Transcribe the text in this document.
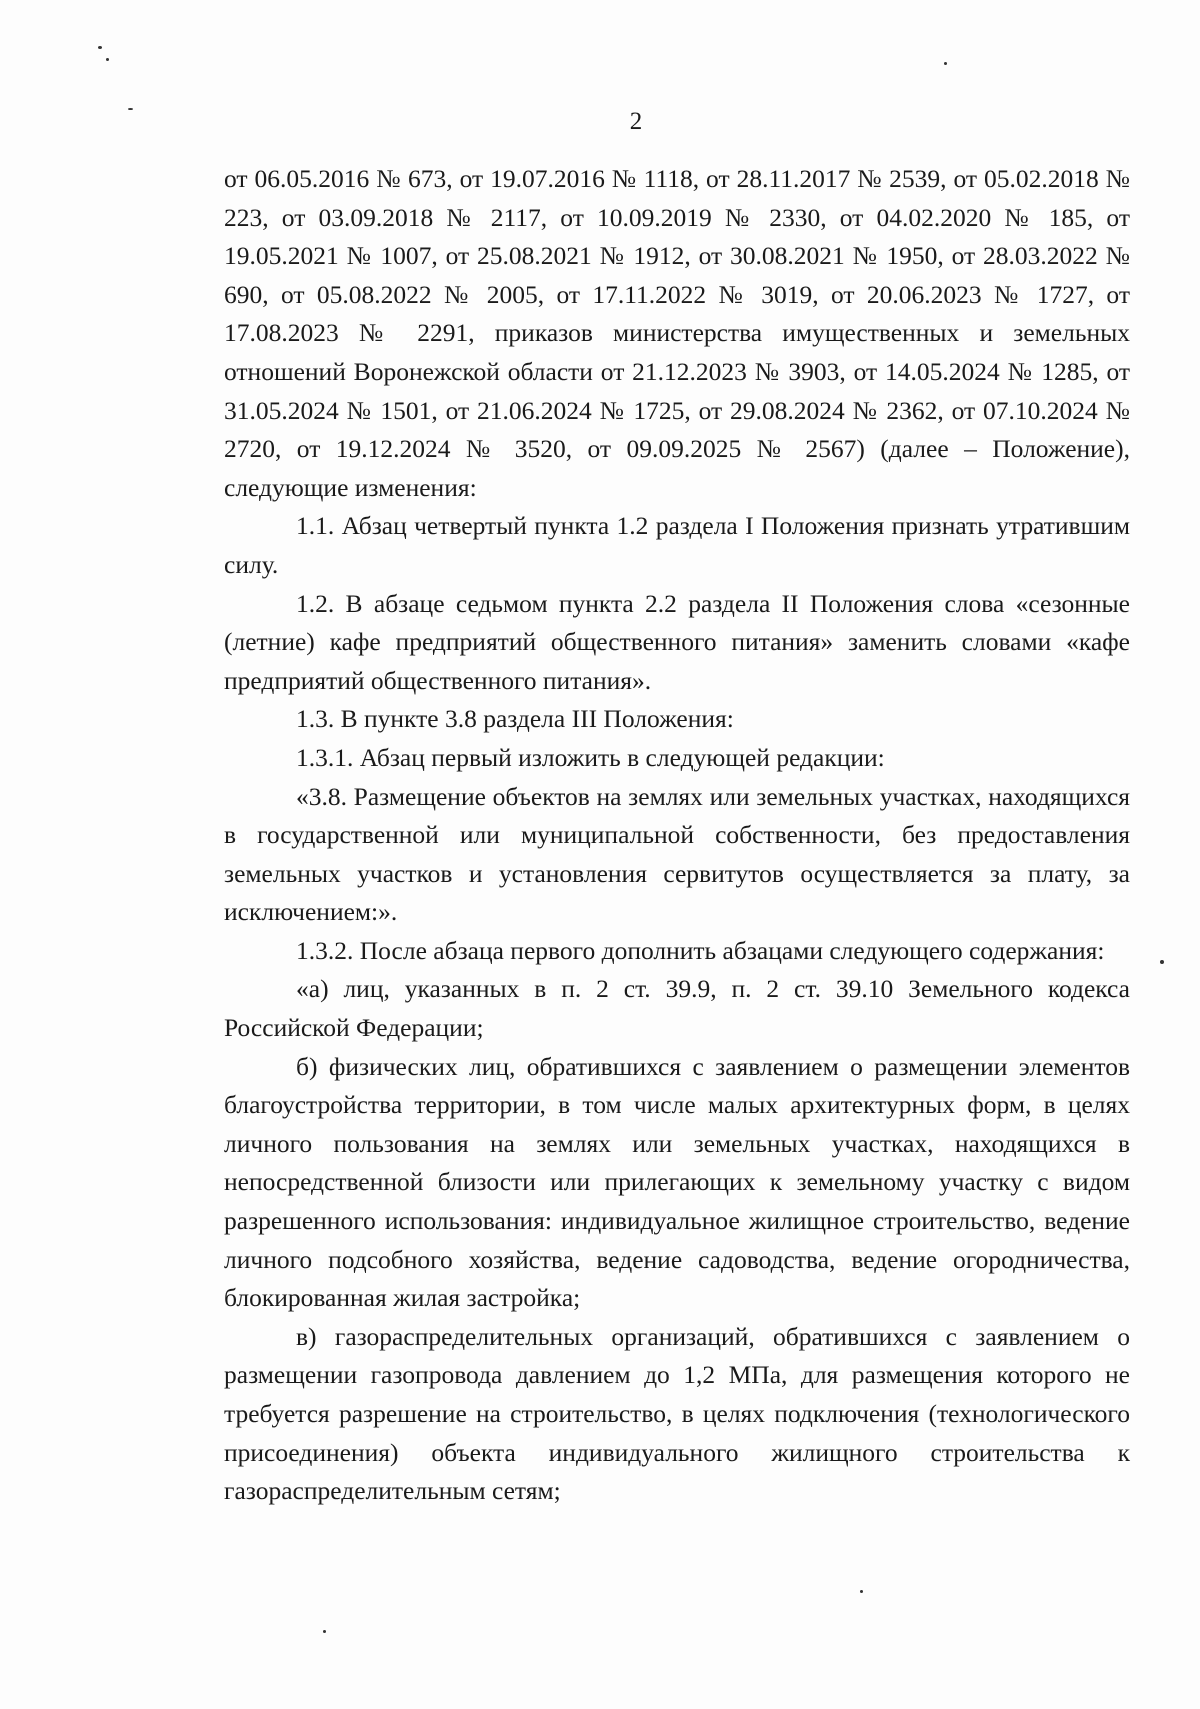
2

от 06.05.2016 № 673, от 19.07.2016 № 1118, от 28.11.2017 № 2539, от 05.02.2018 № 223, от 03.09.2018 № 2117, от 10.09.2019 № 2330, от 04.02.2020 № 185, от 19.05.2021 № 1007, от 25.08.2021 № 1912, от 30.08.2021 № 1950, от 28.03.2022 № 690, от 05.08.2022 № 2005, от 17.11.2022 № 3019, от 20.06.2023 № 1727, от 17.08.2023 № 2291, приказов министерства имущественных и земельных отношений Воронежской области от 21.12.2023 № 3903, от 14.05.2024 № 1285, от 31.05.2024 № 1501, от 21.06.2024 № 1725, от 29.08.2024 № 2362, от 07.10.2024 № 2720, от 19.12.2024 № 3520, от 09.09.2025 № 2567) (далее – Положение), следующие изменения:

1.1. Абзац четвертый пункта 1.2 раздела I Положения признать утратившим силу.

1.2. В абзаце седьмом пункта 2.2 раздела II Положения слова «сезонные (летние) кафе предприятий общественного питания» заменить словами «кафе предприятий общественного питания».

1.3. В пункте 3.8 раздела III Положения:

1.3.1. Абзац первый изложить в следующей редакции:

«3.8. Размещение объектов на землях или земельных участках, находящихся в государственной или муниципальной собственности, без предоставления земельных участков и установления сервитутов осуществляется за плату, за исключением:».

1.3.2. После абзаца первого дополнить абзацами следующего содержания:

«а) лиц, указанных в п. 2 ст. 39.9, п. 2 ст. 39.10 Земельного кодекса Российской Федерации;

б) физических лиц, обратившихся с заявлением о размещении элементов благоустройства территории, в том числе малых архитектурных форм, в целях личного пользования на землях или земельных участках, находящихся в непосредственной близости или прилегающих к земельному участку с видом разрешенного использования: индивидуальное жилищное строительство, ведение личного подсобного хозяйства, ведение садоводства, ведение огородничества, блокированная жилая застройка;

в) газораспределительных организаций, обратившихся с заявлением о размещении газопровода давлением до 1,2 МПа, для размещения которого не требуется разрешение на строительство, в целях подключения (технологического присоединения) объекта индивидуального жилищного строительства к газораспределительным сетям;
